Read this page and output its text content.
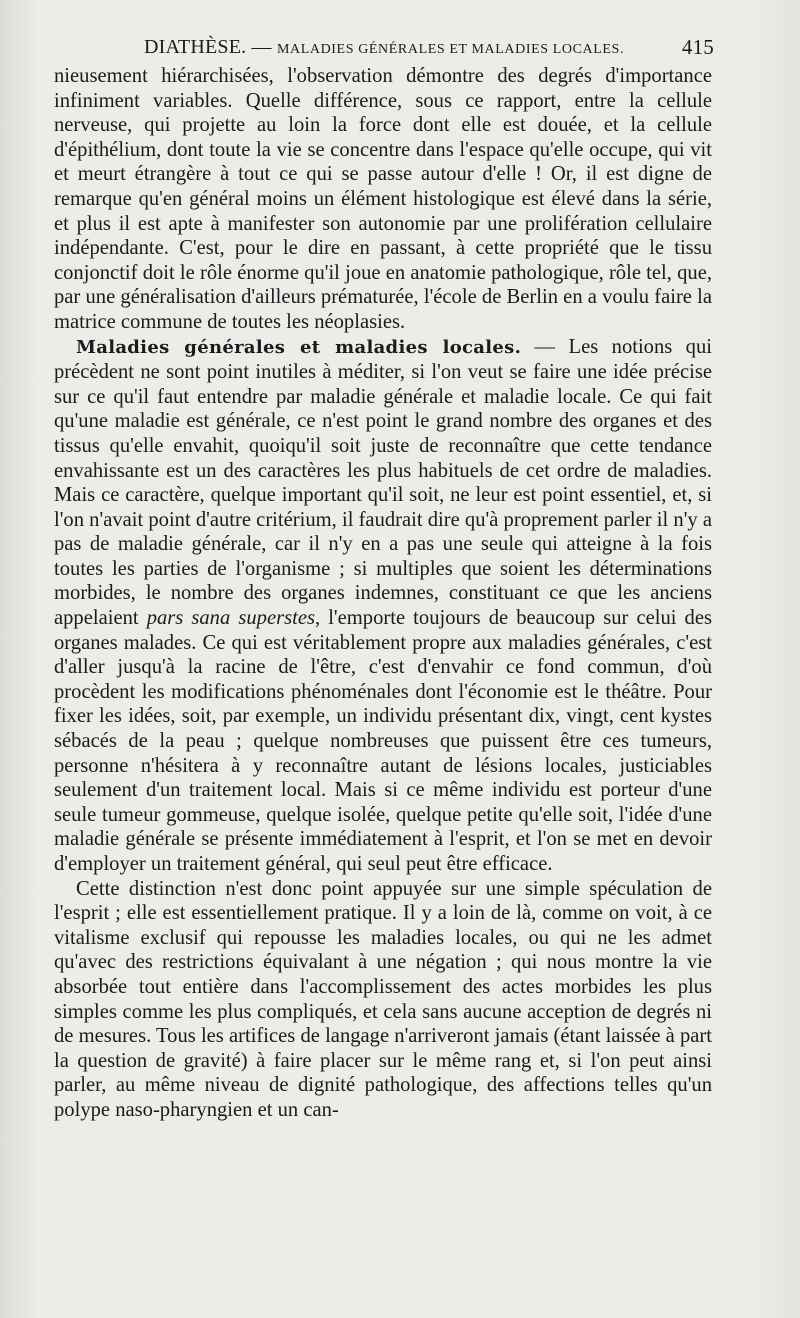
DIATHÈSE. — MALADIES GÉNÉRALES ET MALADIES LOCALES.	415

nieusement hiérarchisées, l'observation démontre des degrés d'importance infiniment variables. Quelle différence, sous ce rapport, entre la cellule nerveuse, qui projette au loin la force dont elle est douée, et la cellule d'épithélium, dont toute la vie se concentre dans l'espace qu'elle occupe, qui vit et meurt étrangère à tout ce qui se passe autour d'elle ! Or, il est digne de remarque qu'en général moins un élément histologique est élevé dans la série, et plus il est apte à manifester son autonomie par une prolifération cellulaire indépendante. C'est, pour le dire en passant, à cette propriété que le tissu conjonctif doit le rôle énorme qu'il joue en anatomie pathologique, rôle tel, que, par une généralisation d'ailleurs prématurée, l'école de Berlin en a voulu faire la matrice commune de toutes les néoplasies.

Maladies générales et maladies locales. — Les notions qui précèdent ne sont point inutiles à méditer, si l'on veut se faire une idée précise sur ce qu'il faut entendre par maladie générale et maladie locale. Ce qui fait qu'une maladie est générale, ce n'est point le grand nombre des organes et des tissus qu'elle envahit, quoiqu'il soit juste de reconnaître que cette tendance envahissante est un des caractères les plus habituels de cet ordre de maladies. Mais ce caractère, quelque important qu'il soit, ne leur est point essentiel, et, si l'on n'avait point d'autre critérium, il faudrait dire qu'à proprement parler il n'y a pas de maladie générale, car il n'y en a pas une seule qui atteigne à la fois toutes les parties de l'organisme ; si multiples que soient les déterminations morbides, le nombre des organes indemnes, constituant ce que les anciens appelaient pars sana superstes, l'emporte toujours de beaucoup sur celui des organes malades. Ce qui est véritablement propre aux maladies générales, c'est d'aller jusqu'à la racine de l'être, c'est d'envahir ce fond commun, d'où procèdent les modifications phénoménales dont l'économie est le théâtre. Pour fixer les idées, soit, par exemple, un individu présentant dix, vingt, cent kystes sébacés de la peau ; quelque nombreuses que puissent être ces tumeurs, personne n'hésitera à y reconnaître autant de lésions locales, justiciables seulement d'un traitement local. Mais si ce même individu est porteur d'une seule tumeur gommeuse, quelque isolée, quelque petite qu'elle soit, l'idée d'une maladie générale se présente immédiatement à l'esprit, et l'on se met en devoir d'employer un traitement général, qui seul peut être efficace.

Cette distinction n'est donc point appuyée sur une simple spéculation de l'esprit ; elle est essentiellement pratique. Il y a loin de là, comme on voit, à ce vitalisme exclusif qui repousse les maladies locales, ou qui ne les admet qu'avec des restrictions équivalant à une négation ; qui nous montre la vie absorbée tout entière dans l'accomplissement des actes morbides les plus simples comme les plus compliqués, et cela sans aucune acception de degrés ni de mesures. Tous les artifices de langage n'arriveront jamais (étant laissée à part la question de gravité) à faire placer sur le même rang et, si l'on peut ainsi parler, au même niveau de dignité pathologique, des affections telles qu'un polype naso-pharyngien et un can-
